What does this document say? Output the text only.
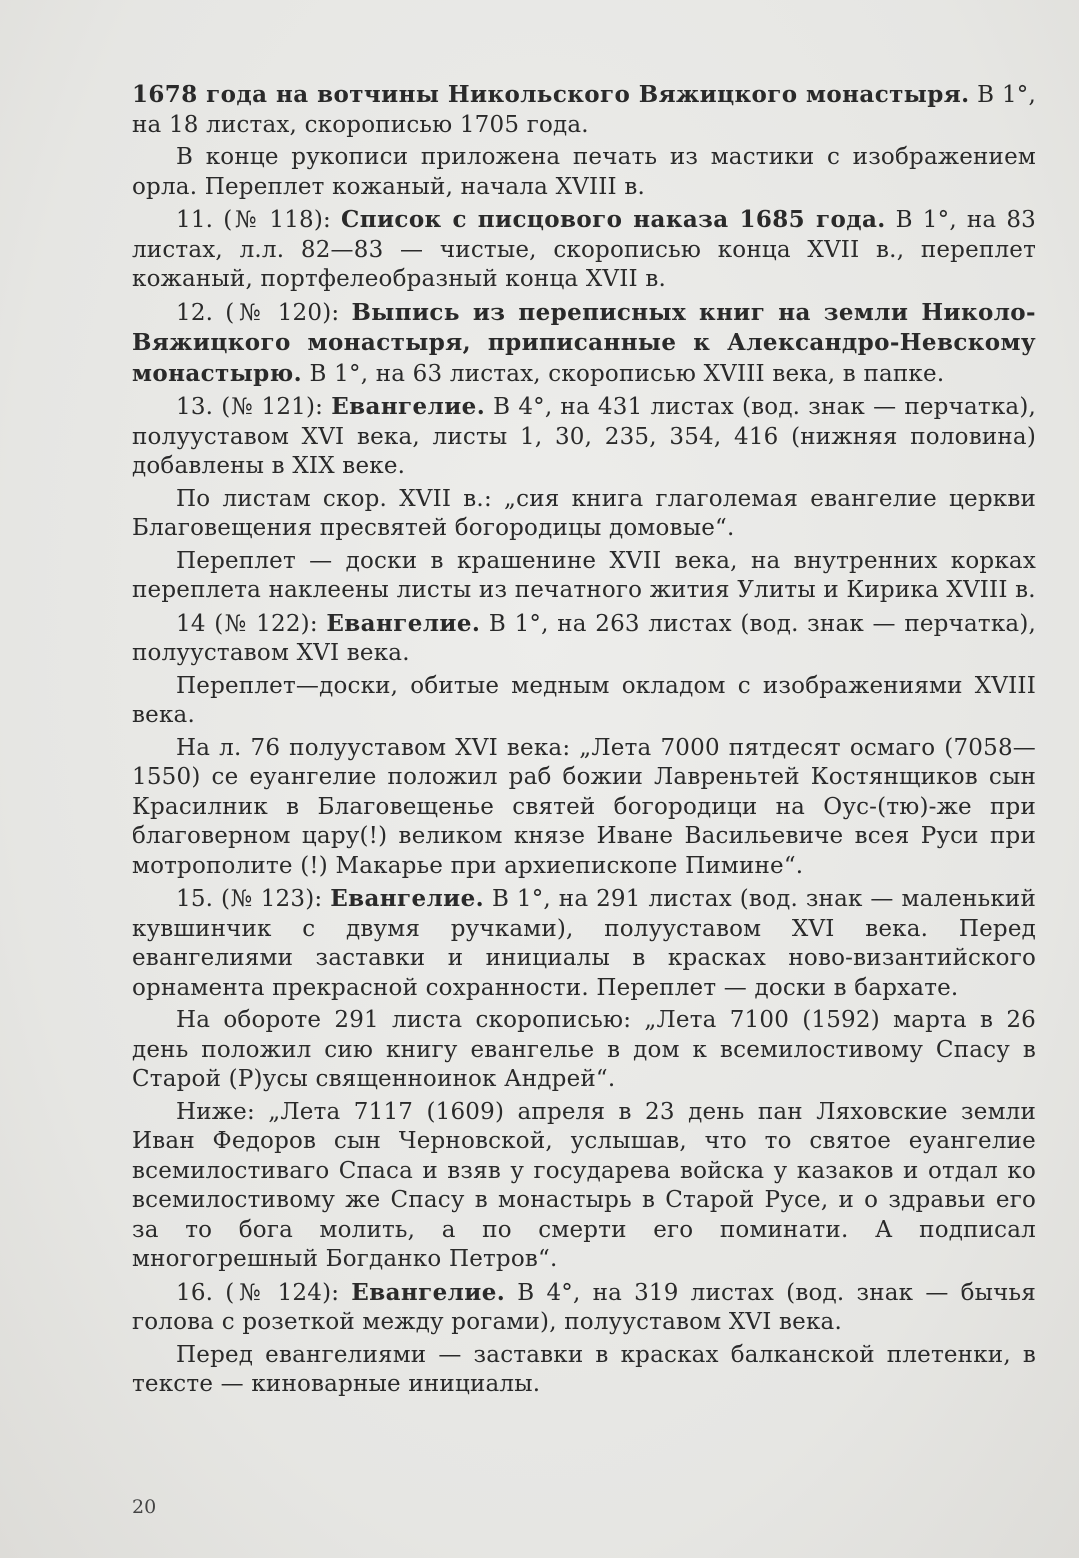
1678 года на вотчины Никольского Вяжицкого монастыря. В 1°, на 18 листах, скорописью 1705 года.

В конце рукописи приложена печать из мастики с изображением орла. Переплет кожаный, начала XVIII в.

11. (№ 118): Список с писцового наказа 1685 года. В 1°, на 83 листах, л.л. 82—83 — чистые, скорописью конца XVII в., переплет кожаный, портфелеобразный конца XVII в.

12. (№ 120): Выпись из переписных книг на земли Николо-Вяжицкого монастыря, приписанные к Александро-Невскому монастырю. В 1°, на 63 листах, скорописью XVIII века, в папке.

13. (№ 121): Евангелие. В 4°, на 431 листах (вод. знак — перчатка), полууставом XVI века, листы 1, 30, 235, 354, 416 (нижняя половина) добавлены в XIX веке.

По листам скор. XVII в.: „сия книга глаголемая евангелие церкви Благовещения пресвятей богородицы домовые“.

Переплет — доски в крашенине XVII века, на внутренних корках переплета наклеены листы из печатного жития Улиты и Кирика XVIII в.

14 (№ 122): Евангелие. В 1°, на 263 листах (вод. знак — перчатка), полууставом XVI века.

Переплет—доски, обитые медным окладом с изображениями XVIII века.

На л. 76 полууставом XVI века: „Лета 7000 пятдесят осмаго (7058—1550) се еуангелие положил раб божии Лавреньтей Костянщиков сын Красилник в Благовещенье святей богородици на Оус-(тю)-же при благоверном цару(!) великом князе Иване Васильевиче всея Руси при мотрополите (!) Макарье при архиепископе Пимине“.

15. (№ 123): Евангелие. В 1°, на 291 листах (вод. знак — маленький кувшинчик с двумя ручками), полууставом XVI века. Перед евангелиями заставки и инициалы в красках ново-византийского орнамента прекрасной сохранности. Переплет — доски в бархате.

На обороте 291 листа скорописью: „Лета 7100 (1592) марта в 26 день положил сию книгу евангелье в дом к всемилостивому Спасу в Старой (Р)усы священноинок Андрей“.

Ниже: „Лета 7117 (1609) апреля в 23 день пан Ляховские земли Иван Федоров сын Черновской, услышав, что то святое еуангелие всемилостиваго Спаса и взяв у государева войска у казаков и отдал ко всемилостивому же Спасу в монастырь в Старой Русе, и о здравьи его за то бога молить, а по смерти его поминати. А подписал многогрешный Богданко Петров“.

16. (№ 124): Евангелие. В 4°, на 319 листах (вод. знак — бычья голова с розеткой между рогами), полууставом XVI века.

Перед евангелиями — заставки в красках балканской плетенки, в тексте — киноварные инициалы.

20
